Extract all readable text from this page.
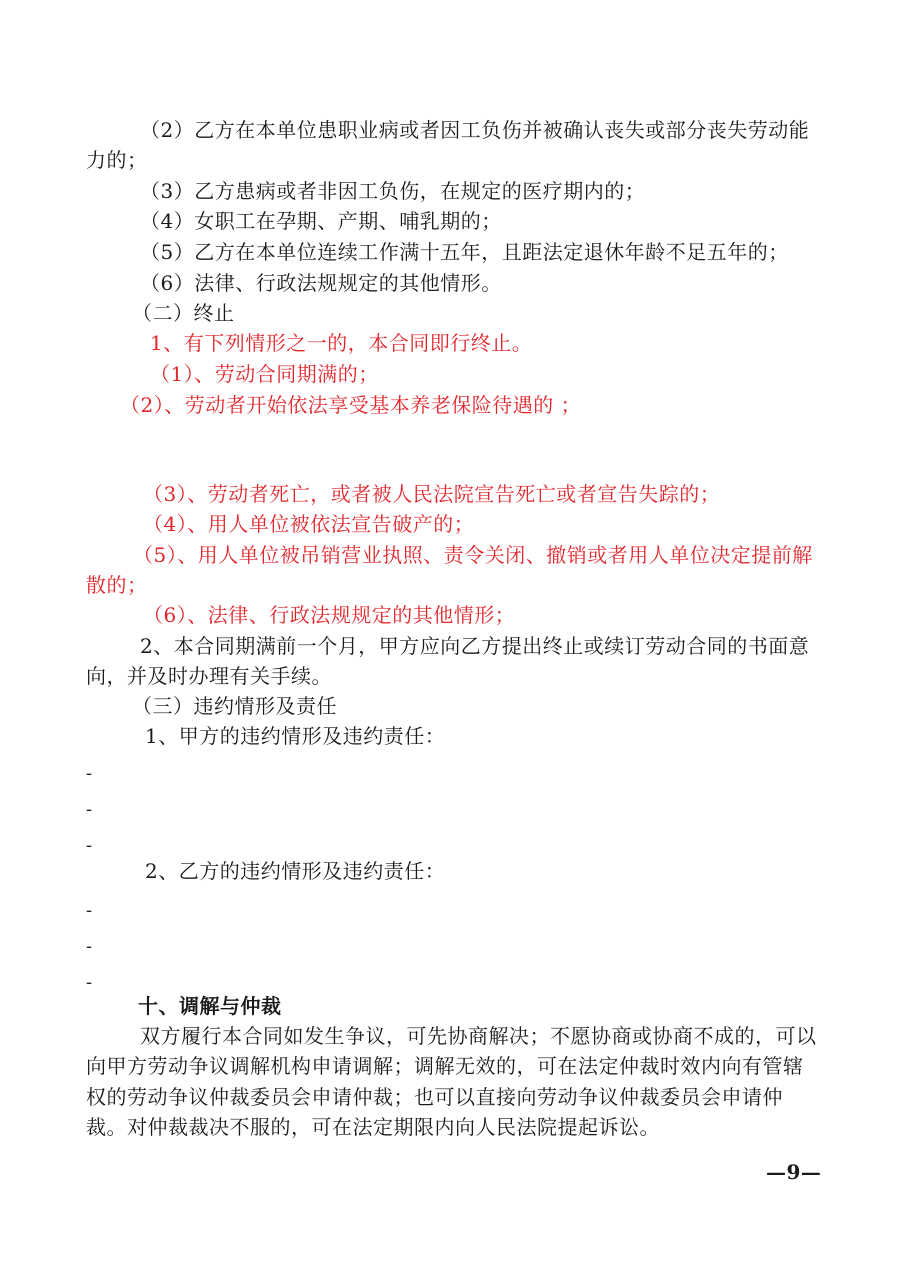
（2）乙方在本单位患职业病或者因工负伤并被确认丧失或部分丧失劳动能
力的；
（3）乙方患病或者非因工负伤，在规定的医疗期内的；
（4）女职工在孕期、产期、哺乳期的；
（5）乙方在本单位连续工作满十五年，且距法定退休年龄不足五年的；
（6）法律、行政法规规定的其他情形。
（二）终止
1、有下列情形之一的，本合同即行终止。
（1）、劳动合同期满的；
（2）、劳动者开始依法享受基本养老保险待遇的 ；
（3）、劳动者死亡，或者被人民法院宣告死亡或者宣告失踪的；
（4）、用人单位被依法宣告破产的；
（5）、用人单位被吊销营业执照、责令关闭、撤销或者用人单位决定提前解
散的；
（6）、法律、行政法规规定的其他情形；
2、本合同期满前一个月，甲方应向乙方提出终止或续订劳动合同的书面意
向，并及时办理有关手续。
（三）违约情形及责任
1、甲方的违约情形及违约责任：
-
-
-
2、乙方的违约情形及违约责任：
-
-
-
十、调解与仲裁
双方履行本合同如发生争议，可先协商解决；不愿协商或协商不成的，可以
向甲方劳动争议调解机构申请调解；调解无效的，可在法定仲裁时效内向有管辖
权的劳动争议仲裁委员会申请仲裁；也可以直接向劳动争议仲裁委员会申请仲
裁。对仲裁裁决不服的，可在法定期限内向人民法院提起诉讼。
—9—
